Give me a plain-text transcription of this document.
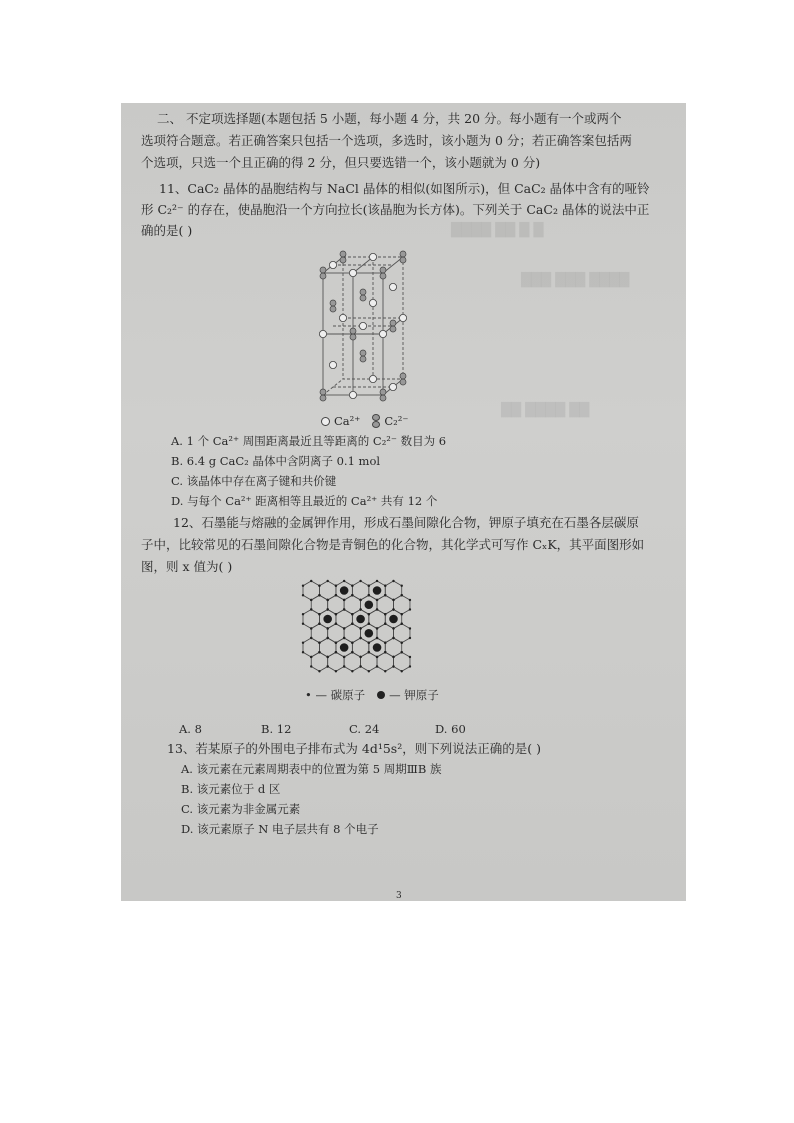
████ ██ █ █
███ ███ ████
██ ████ ██
二、 不定项选择题(本题包括 5 小题，每小题 4 分，共 20 分。每小题有一个或两个
选项符合题意。若正确答案只包括一个选项，多选时，该小题为 0 分；若正确答案包括两
个选项，只选一个且正确的得 2 分，但只要选错一个，该小题就为 0 分)
11、CaC₂ 晶体的晶胞结构与 NaCl 晶体的相似(如图所示)，但 CaC₂ 晶体中含有的哑铃
形 C₂²⁻ 的存在，使晶胞沿一个方向拉长(该晶胞为长方体)。下列关于 CaC₂ 晶体的说法中正
确的是( )
Ca²⁺ C₂²⁻
A. 1 个 Ca²⁺ 周围距离最近且等距离的 C₂²⁻ 数目为 6
B. 6.4 g CaC₂ 晶体中含阴离子 0.1 mol
C. 该晶体中存在离子键和共价键
D. 与每个 Ca²⁺ 距离相等且最近的 Ca²⁺ 共有 12 个
12、石墨能与熔融的金属钾作用，形成石墨间隙化合物，钾原子填充在石墨各层碳原
子中，比较常见的石墨间隙化合物是青铜色的化合物，其化学式可写作 CₓK，其平面图形如
图，则 x 值为( )
• — 碳原子 — 钾原子
A. 8	B. 12	C. 24	D. 60
13、若某原子的外围电子排布式为 4d¹5s²，则下列说法正确的是( )
A. 该元素在元素周期表中的位置为第 5 周期ⅢB 族
B. 该元素位于 d 区
C. 该元素为非金属元素
D. 该元素原子 N 电子层共有 8 个电子
3
